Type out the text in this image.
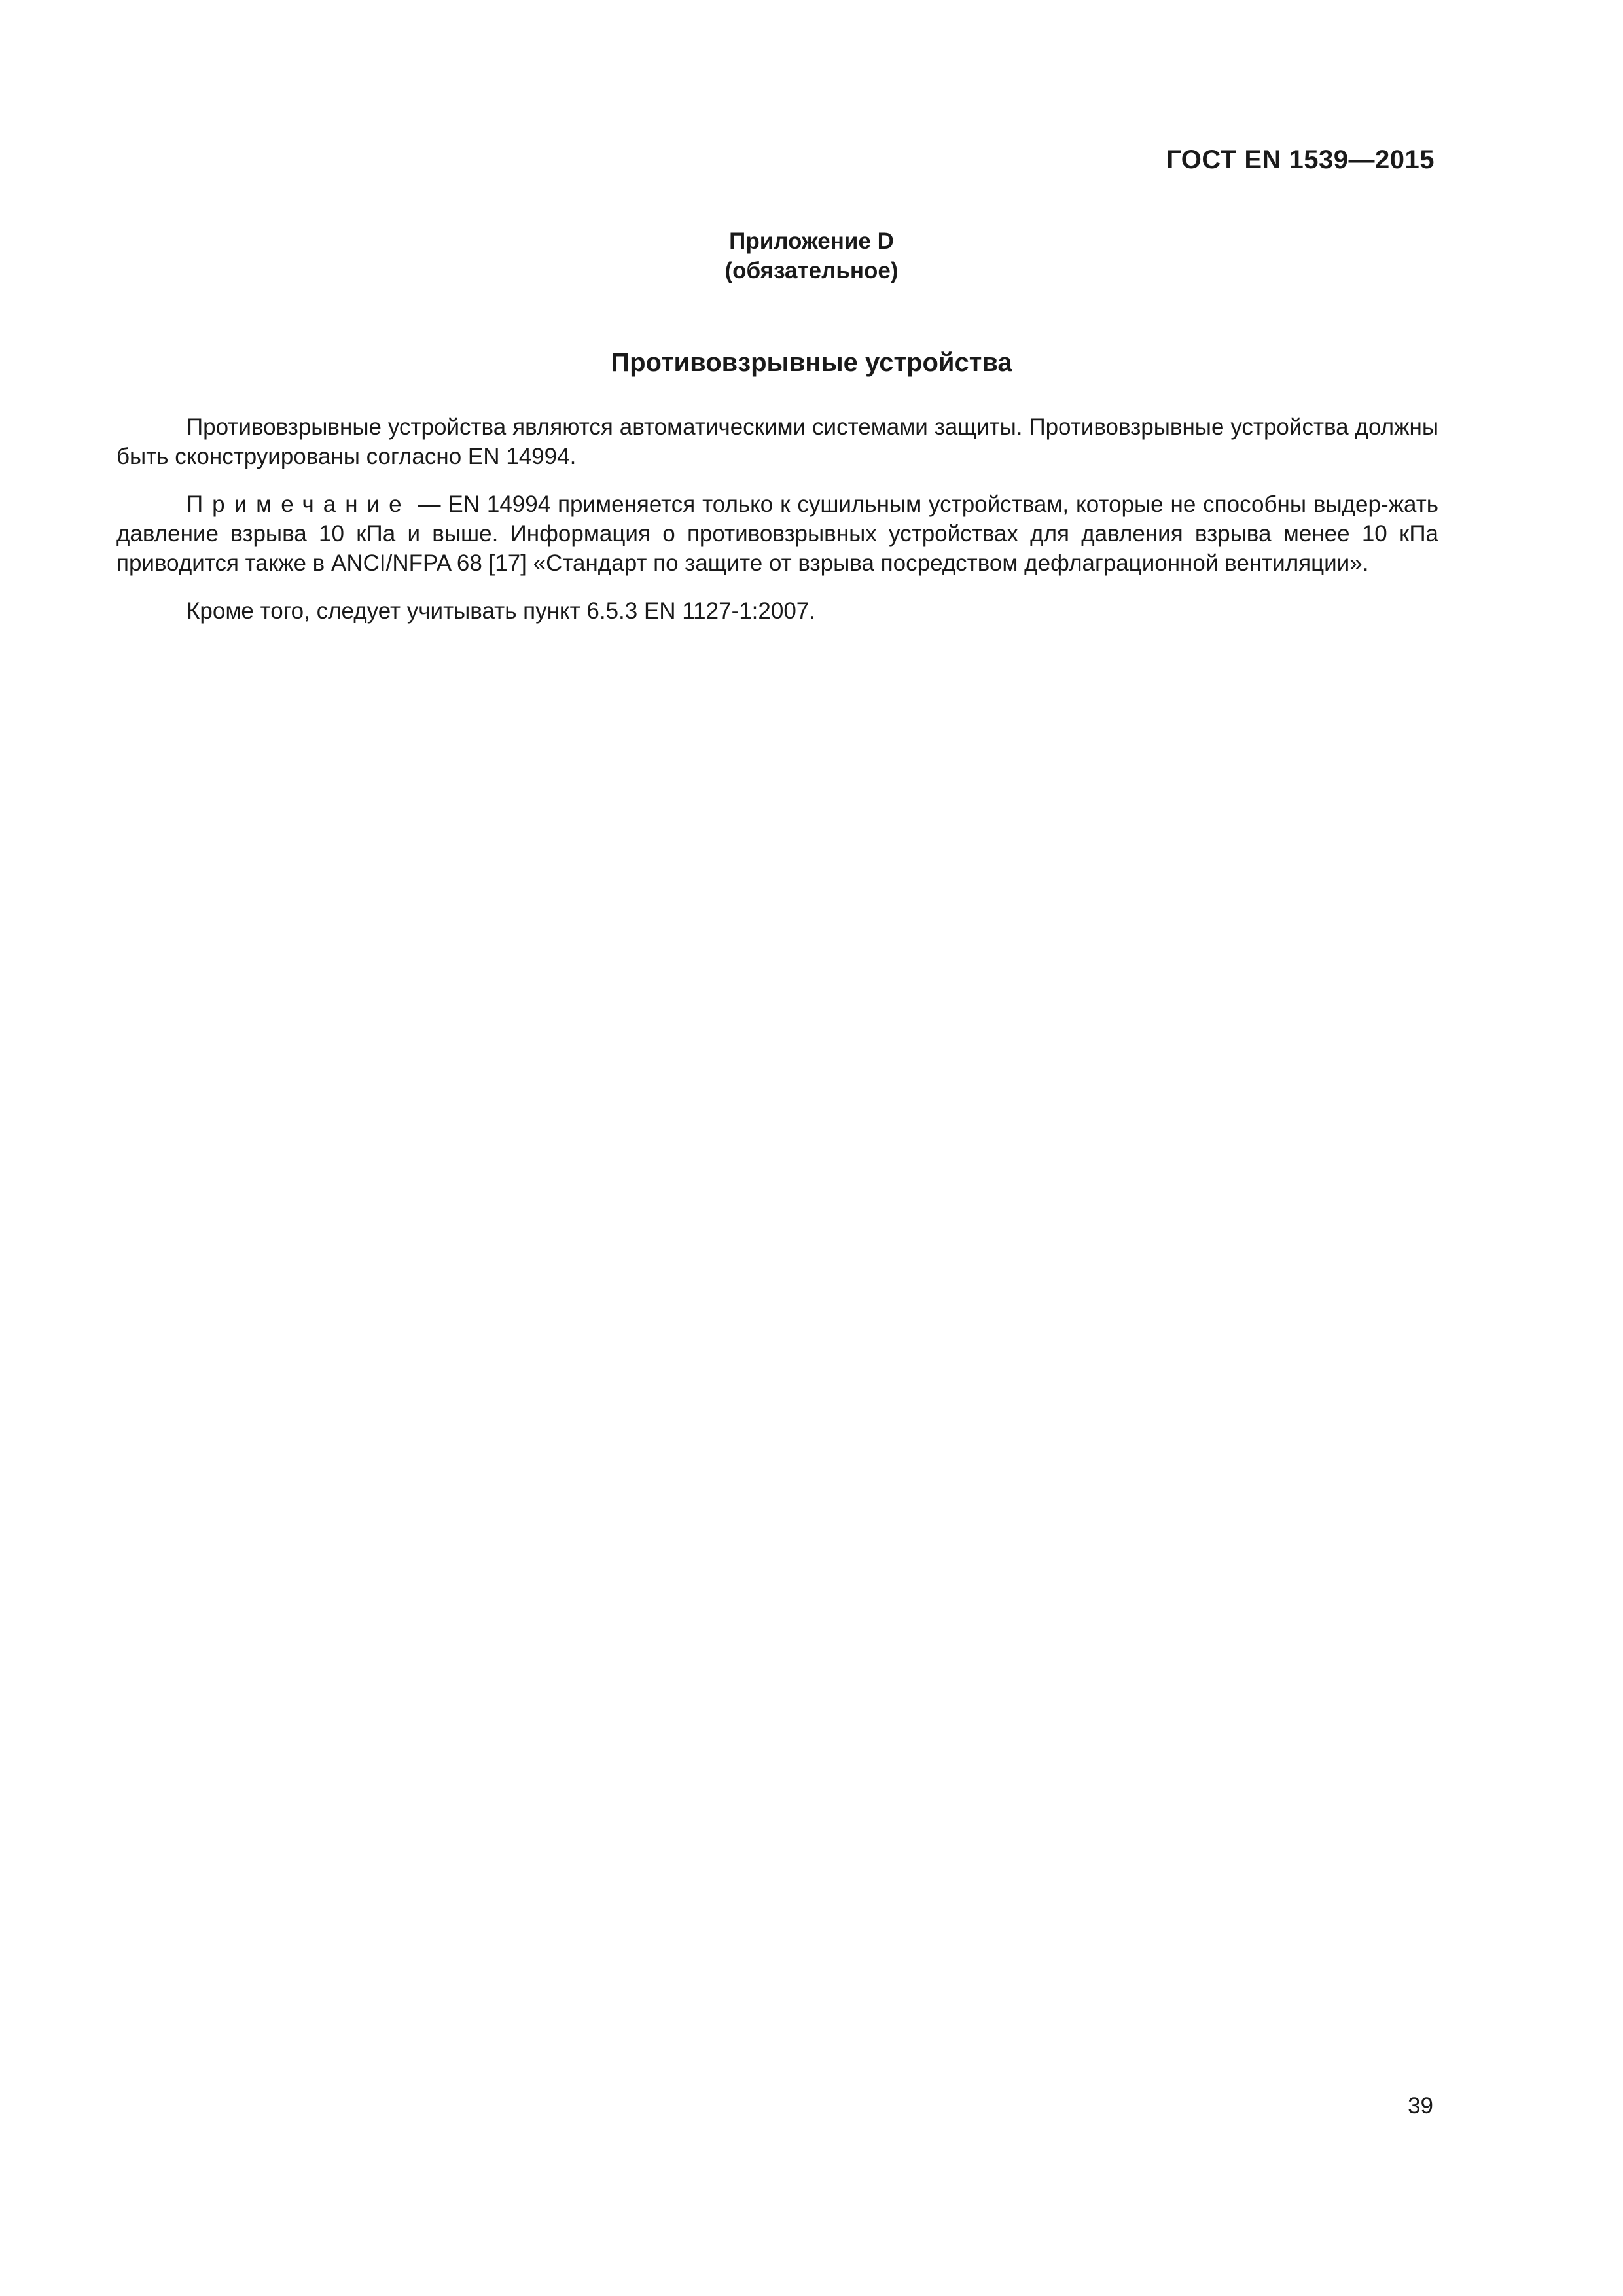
ГОСТ EN 1539—2015
Приложение D
(обязательное)
Противовзрывные устройства

Противовзрывные устройства являются автоматическими системами защиты. Противовзрывные устройства должны быть сконструированы согласно EN 14994.

Примечание — EN 14994 применяется только к сушильным устройствам, которые не способны выдер-жать давление взрыва 10 кПа и выше. Информация о противовзрывных устройствах для давления взрыва менее 10 кПа приводится также в ANCI/NFPA 68 [17] «Стандарт по защите от взрыва посредством дефлаграционной вентиляции».

Кроме того, следует учитывать пункт 6.5.3 EN 1127-1:2007.

39
